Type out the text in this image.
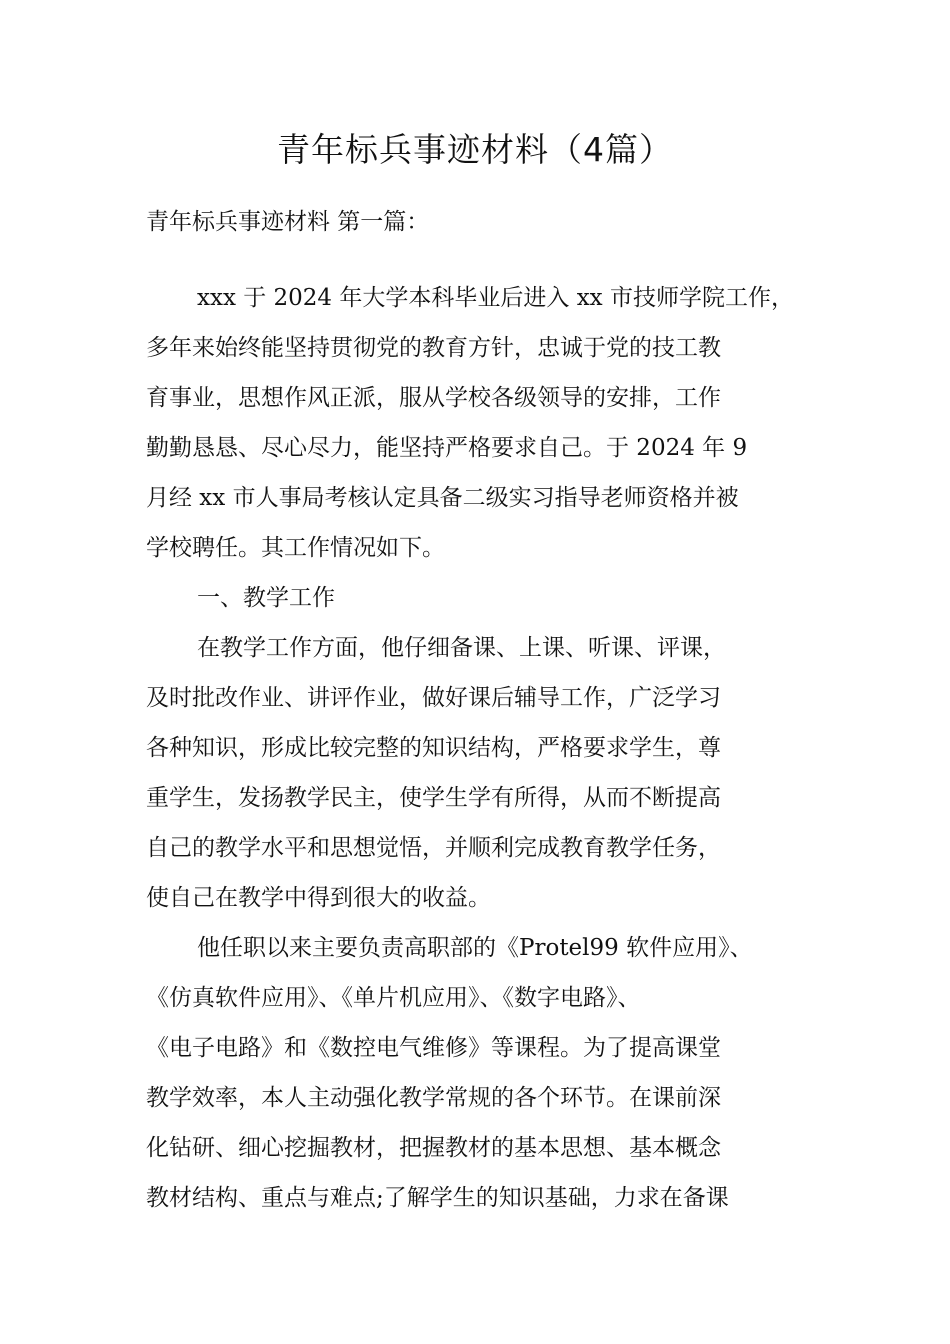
青年标兵事迹材料（4篇）

青年标兵事迹材料 第一篇：

xxx 于 2024 年大学本科毕业后进入 xx 市技师学院工作，

多年来始终能坚持贯彻党的教育方针，忠诚于党的技工教

育事业，思想作风正派，服从学校各级领导的安排，工作

勤勤恳恳、尽心尽力，能坚持严格要求自己。于 2024 年 9

月经 xx 市人事局考核认定具备二级实习指导老师资格并被

学校聘任。其工作情况如下。

一、教学工作

在教学工作方面，他仔细备课、上课、听课、评课，

及时批改作业、讲评作业，做好课后辅导工作，广泛学习

各种知识，形成比较完整的知识结构，严格要求学生，尊

重学生，发扬教学民主，使学生学有所得，从而不断提高

自己的教学水平和思想觉悟，并顺利完成教育教学任务，

使自己在教学中得到很大的收益。

他任职以来主要负责高职部的《Protel99 软件应用》、

《仿真软件应用》、《单片机应用》、《数字电路》、

《电子电路》和《数控电气维修》等课程。为了提高课堂

教学效率，本人主动强化教学常规的各个环节。在课前深

化钻研、细心挖掘教材，把握教材的基本思想、基本概念

教材结构、重点与难点;了解学生的知识基础，力求在备课
